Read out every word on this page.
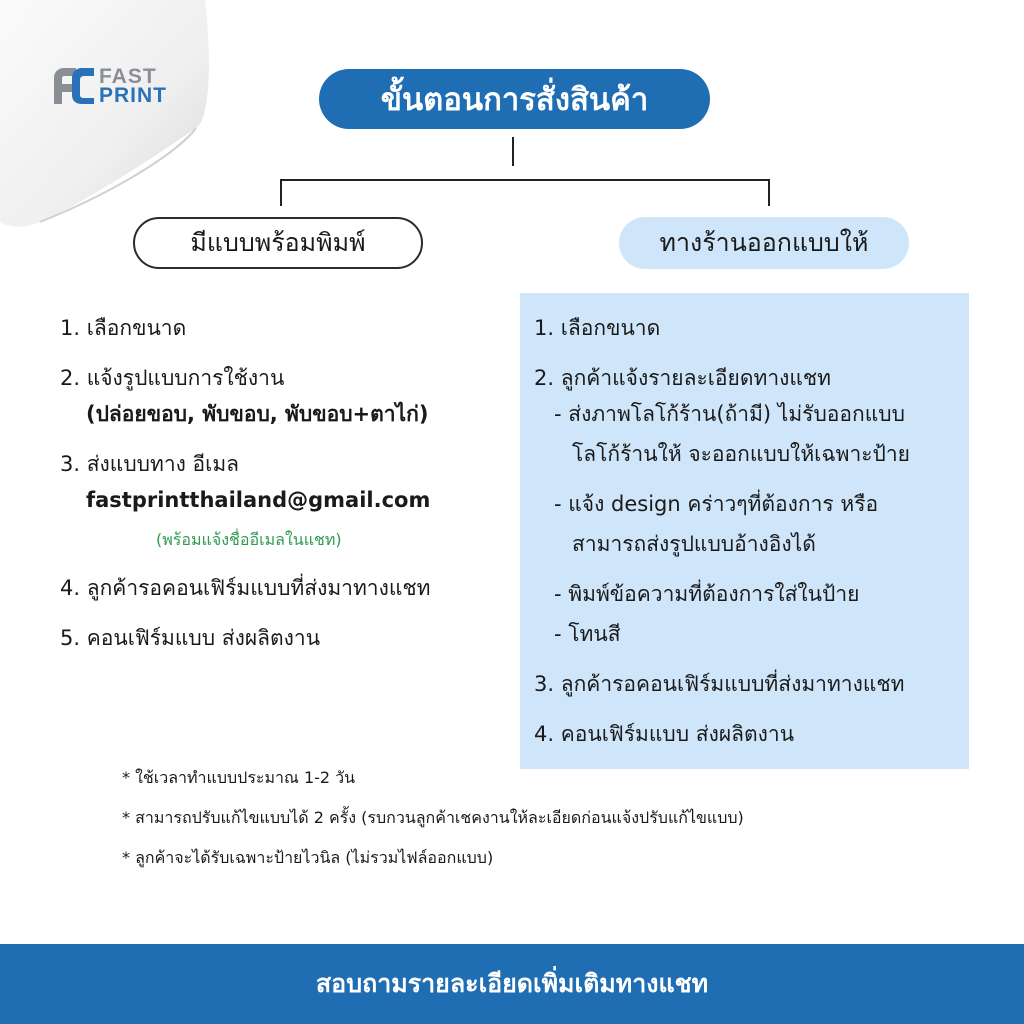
FAST
PRINT	ขั้นตอนการสั่งสินค้า
มีแบบพร้อมพิมพ์	ทางร้านออกแบบให้
1. เลือกขนาด
2. แจ้งรูปแบบการใช้งาน
(ปล่อยขอบ, พับขอบ, พับขอบ+ตาไก่)
3. ส่งแบบทาง อีเมล
fastprintthailand@gmail.com
(พร้อมแจ้งชื่ออีเมลในแชท)
4. ลูกค้ารอคอนเฟิร์มแบบที่ส่งมาทางแชท
5. คอนเฟิร์มแบบ ส่งผลิตงาน
1. เลือกขนาด
2. ลูกค้าแจ้งรายละเอียดทางแชท
- ส่งภาพโลโก้ร้าน(ถ้ามี) ไม่รับออกแบบ
โลโก้ร้านให้ จะออกแบบให้เฉพาะป้าย
- แจ้ง design คร่าวๆที่ต้องการ หรือ
สามารถส่งรูปแบบอ้างอิงได้
- พิมพ์ข้อความที่ต้องการใส่ในป้าย
- โทนสี
3. ลูกค้ารอคอนเฟิร์มแบบที่ส่งมาทางแชท
4. คอนเฟิร์มแบบ ส่งผลิตงาน
* ใช้เวลาทำแบบประมาณ 1-2 วัน
* สามารถปรับแก้ไขแบบได้ 2 ครั้ง (รบกวนลูกค้าเชคงานให้ละเอียดก่อนแจ้งปรับแก้ไขแบบ)
* ลูกค้าจะได้รับเฉพาะป้ายไวนิล (ไม่รวมไฟล์ออกแบบ)
สอบถามรายละเอียดเพิ่มเติมทางแชท
